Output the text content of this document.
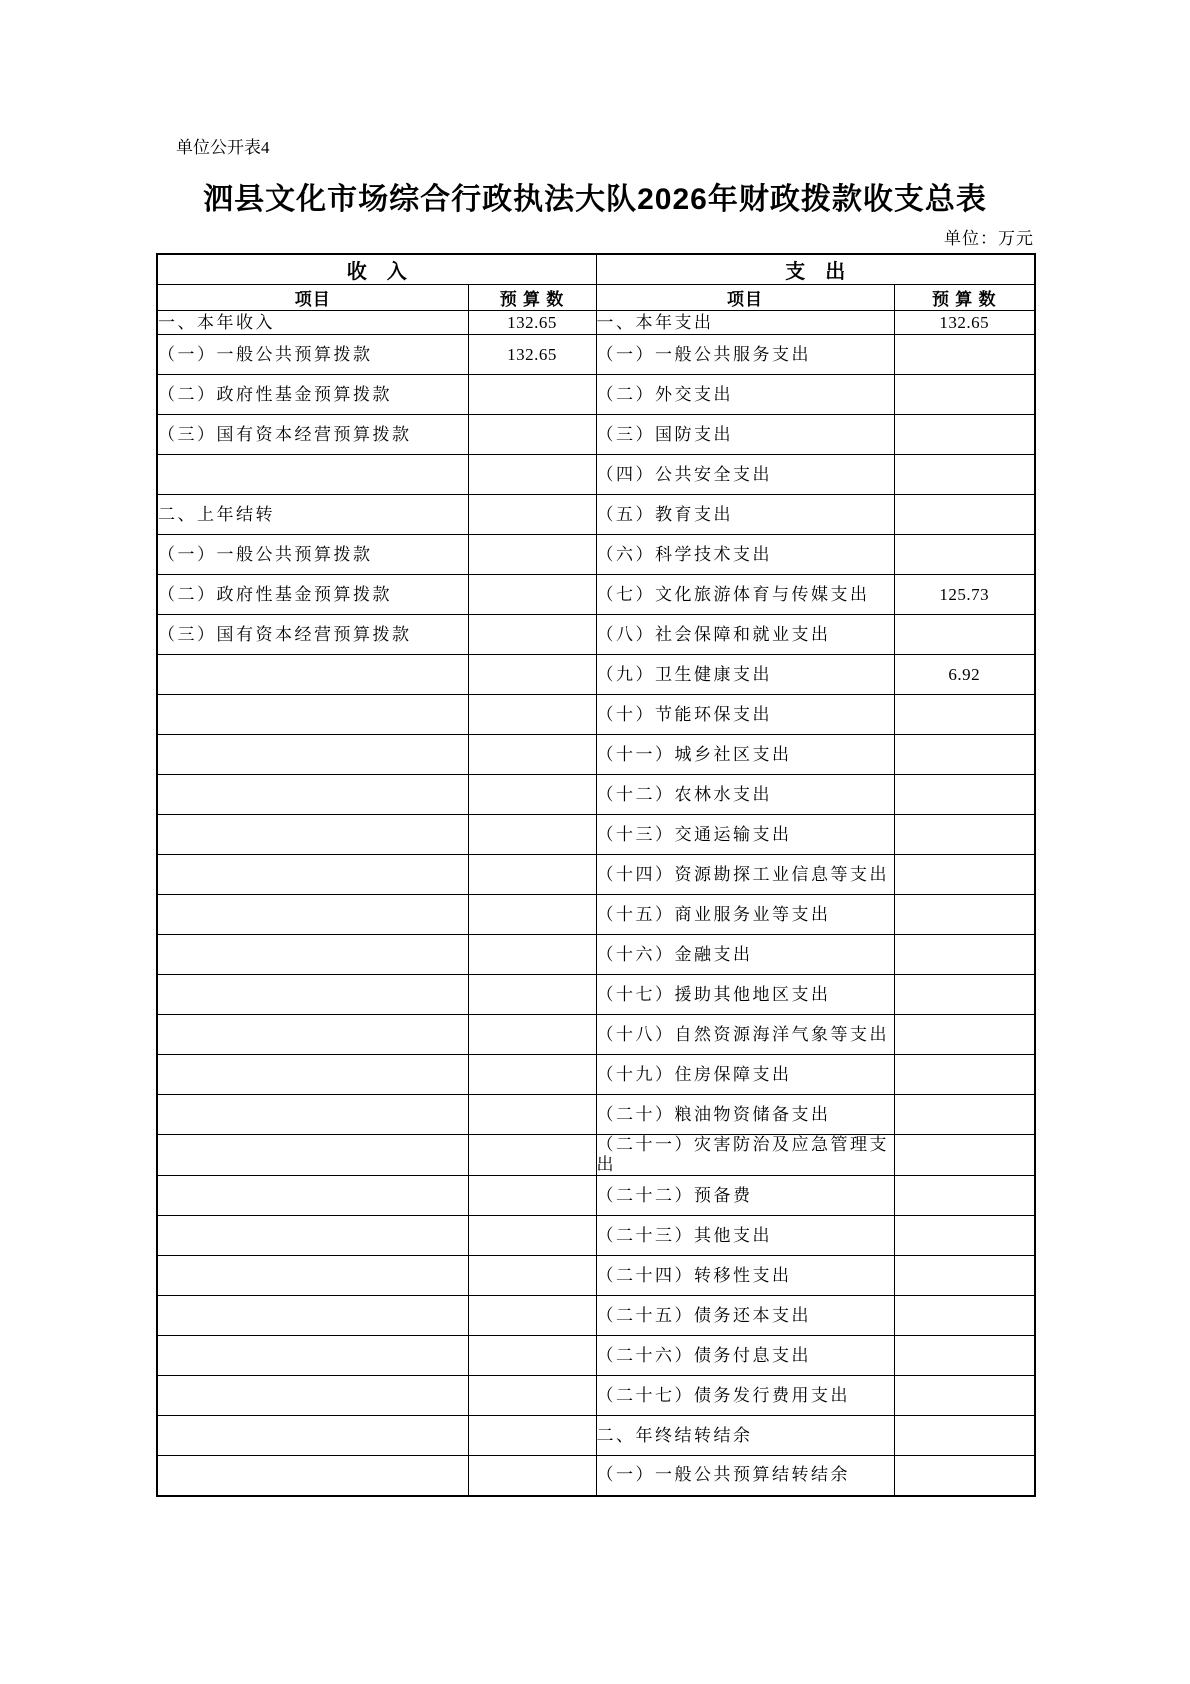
单位公开表4
泗县文化市场综合行政执法大队2026年财政拨款收支总表
单位：万元
收　入		支　出	
项目	预 算 数	项目	预 算 数
一、本年收入	132.65	一、本年支出	132.65
（一）一般公共预算拨款	132.65	（一）一般公共服务支出	
（二）政府性基金预算拨款		（二）外交支出	
（三）国有资本经营预算拨款		（三）国防支出	
		（四）公共安全支出	
二、上年结转		（五）教育支出	
（一）一般公共预算拨款		（六）科学技术支出	
（二）政府性基金预算拨款		（七）文化旅游体育与传媒支出	125.73
（三）国有资本经营预算拨款		（八）社会保障和就业支出	
		（九）卫生健康支出	6.92
		（十）节能环保支出	
		（十一）城乡社区支出	
		（十二）农林水支出	
		（十三）交通运输支出	
		（十四）资源勘探工业信息等支出	
		（十五）商业服务业等支出	
		（十六）金融支出	
		（十七）援助其他地区支出	
		（十八）自然资源海洋气象等支出	
		（十九）住房保障支出	
		（二十）粮油物资储备支出	
		（二十一）灾害防治及应急管理支出	
		（二十二）预备费	
		（二十三）其他支出	
		（二十四）转移性支出	
		（二十五）债务还本支出	
		（二十六）债务付息支出	
		（二十七）债务发行费用支出	
		二、年终结转结余	
		（一）一般公共预算结转结余	
